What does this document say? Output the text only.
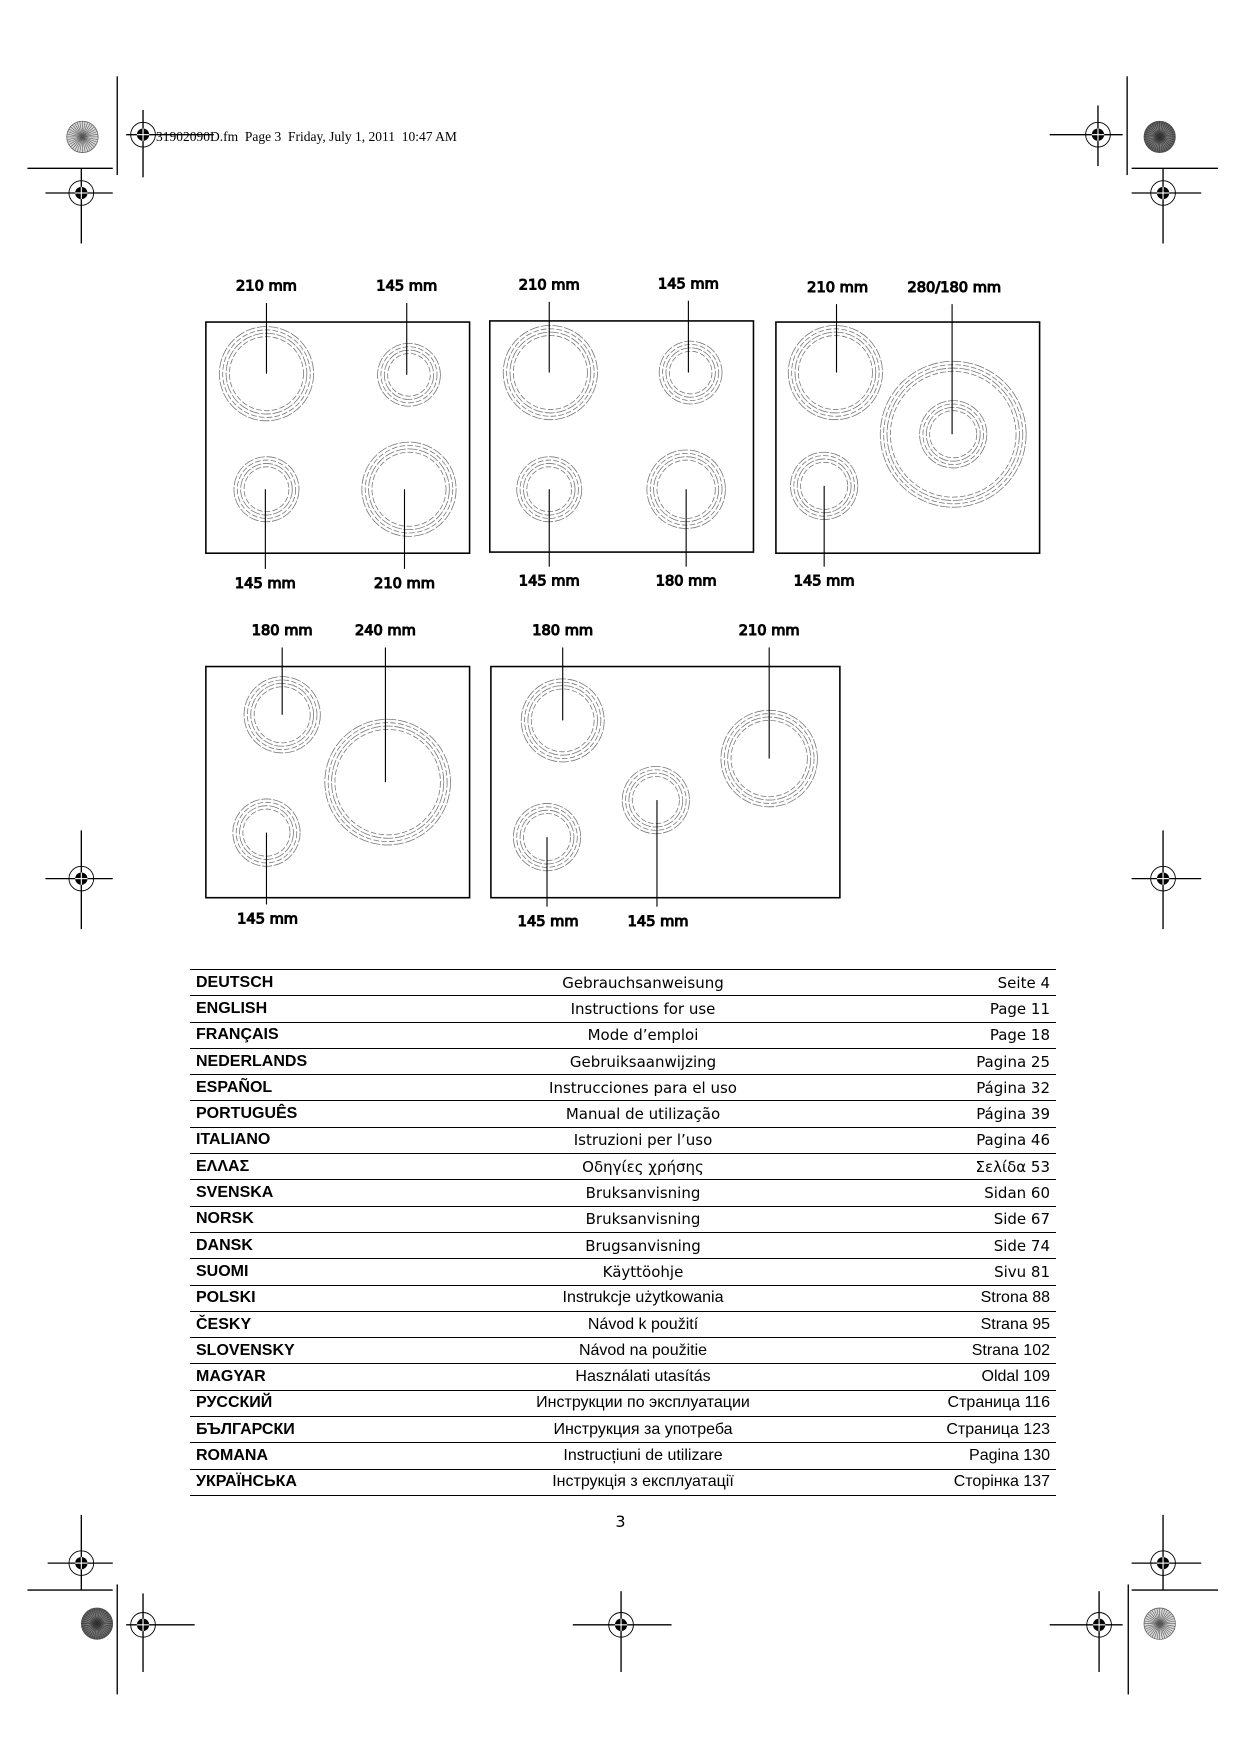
210 mm	145 mm
145 mm	210 mm
210 mm	145 mm
145 mm	180 mm
210 mm	280/180 mm
145 mm
180 mm	240 mm
145 mm
180 mm	210 mm
145 mm	145 mm
31902090D.fm  Page 3  Friday, July 1, 2011  10:47 AM
DEUTSCH	Gebrauchsanweisung	Seite 4
ENGLISH	Instructions for use	Page 11
FRANÇAIS	Mode d’emploi	Page 18
NEDERLANDS	Gebruiksaanwijzing	Pagina 25
ESPAÑOL	Instrucciones para el uso	Página 32
PORTUGUÊS	Manual de utilização	Página 39
ITALIANO	Istruzioni per l’uso	Pagina 46
ΕΛΛΑΣ	Οδηγίες χρήσης	Σελίδα 53
SVENSKA	Bruksanvisning	Sidan 60
NORSK	Bruksanvisning	Side 67
DANSK	Brugsanvisning	Side 74
SUOMI	Käyttöohje	Sivu 81
POLSKI	Instrukcje użytkowania	Strona 88
ČESKY	Návod k použití	Strana 95
SLOVENSKY	Návod na použitie	Strana 102
MAGYAR	Használati utasítás	Oldal 109
РУССКИЙ	Инструкции по эксплуатации	Страница 116
БЪЛГАРСКИ	Инструкция за употреба	Страница 123
ROMANA	Instrucțiuni de utilizare	Pagina 130
УКРАЇНСЬКА	Інструкція з експлуатації	Сторінка 137
3
